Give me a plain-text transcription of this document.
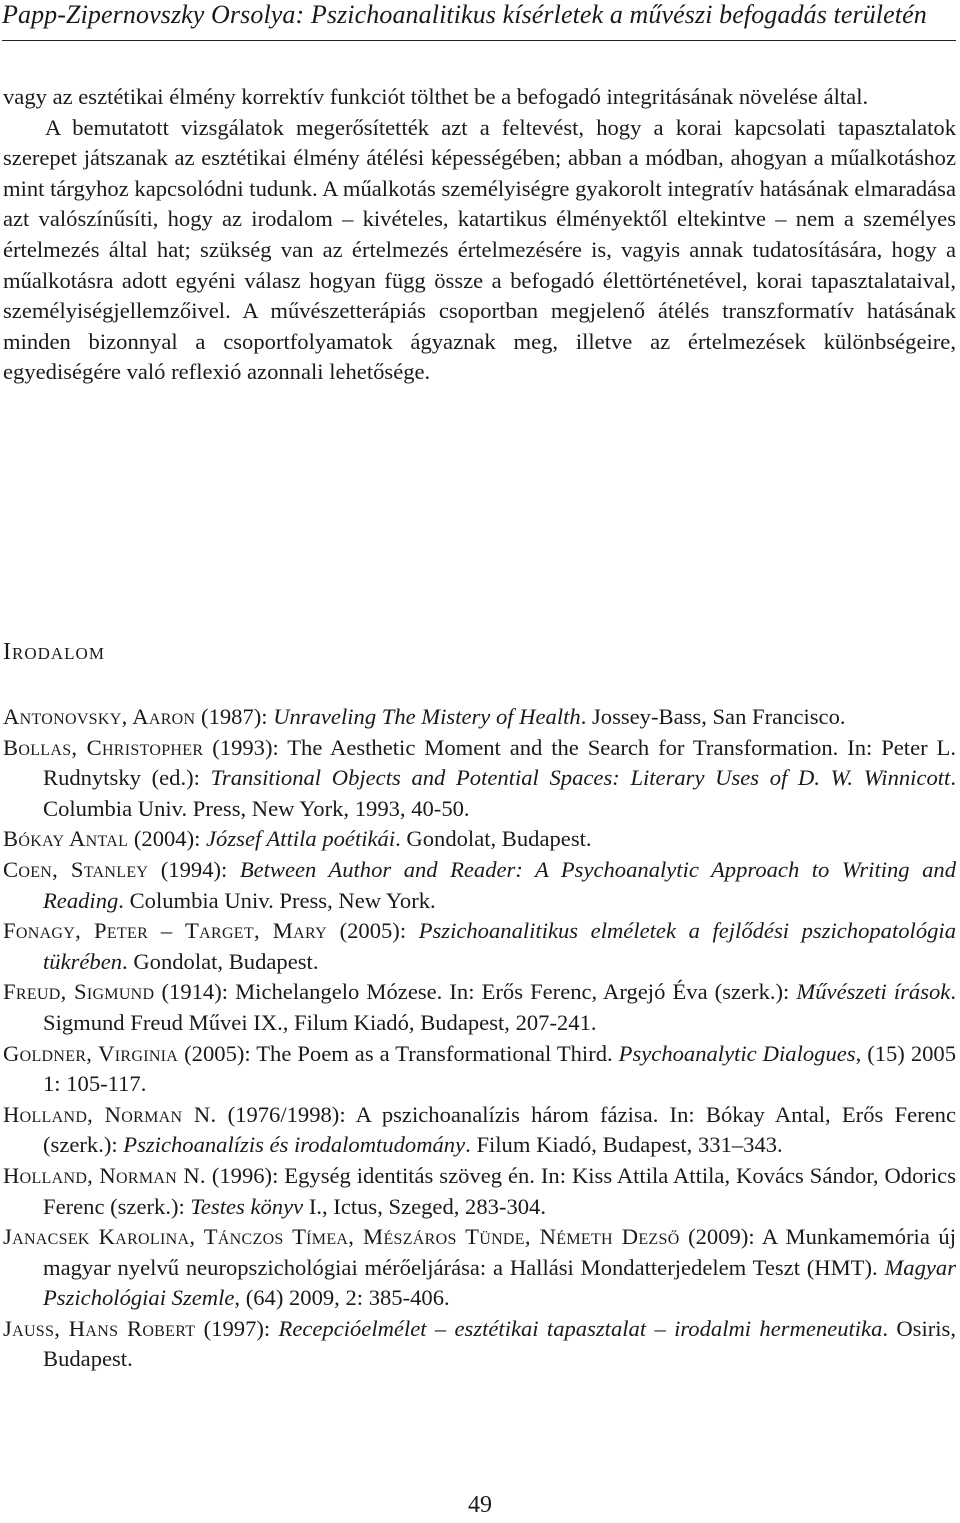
Papp-Zipernovszky Orsolya: Pszichoanalitikus kísérletek a művészi befogadás területén

vagy az esztétikai élmény korrektív funkciót tölthet be a befogadó integritásának növelése által.

A bemutatott vizsgálatok megerősítették azt a feltevést, hogy a korai kapcsolati tapasztalatok szerepet játszanak az esztétikai élmény átélési képességében; abban a módban, ahogyan a műalkotáshoz mint tárgyhoz kapcsolódni tudunk. A műalkotás személyiségre gyakorolt integratív hatásának elmaradása azt valószínűsíti, hogy az irodalom – kivételes, katartikus élményektől eltekintve – nem a személyes értelmezés által hat; szükség van az értelmezés értelmezésére is, vagyis annak tudatosítására, hogy a műalkotásra adott egyéni válasz hogyan függ össze a befogadó élettörténetével, korai tapasztalataival, személyiségjellemzőivel. A művészetterápiás csoportban megjelenő átélés transzformatív hatásának minden bizonnyal a csoportfolyamatok ágyaznak meg, illetve az értelmezések különbségeire, egyediségére való reflexió azonnali lehetősége.

Irodalom

Antonovsky, Aaron (1987): Unraveling The Mistery of Health. Jossey-Bass, San Francisco.

Bollas, Christopher (1993): The Aesthetic Moment and the Search for Transformation. In: Peter L. Rudnytsky (ed.): Transitional Objects and Potential Spaces: Literary Uses of D. W. Winnicott. Columbia Univ. Press, New York, 1993, 40-50.

Bókay Antal (2004): József Attila poétikái. Gondolat, Budapest.

Coen, Stanley (1994): Between Author and Reader: A Psychoanalytic Approach to Writing and Reading. Columbia Univ. Press, New York.

Fonagy, Peter – Target, Mary (2005): Pszichoanalitikus elméletek a fejlődési pszichopatológia tükrében. Gondolat, Budapest.

Freud, Sigmund (1914): Michelangelo Mózese. In: Erős Ferenc, Argejó Éva (szerk.): Művészeti írások. Sigmund Freud Művei IX., Filum Kiadó, Budapest, 207-241.

Goldner, Virginia (2005): The Poem as a Transformational Third. Psychoanalytic Dialogues, (15) 2005 1: 105-117.

Holland, Norman N. (1976/1998): A pszichoanalízis három fázisa. In: Bókay Antal, Erős Ferenc (szerk.): Pszichoanalízis és irodalomtudomány. Filum Kiadó, Budapest, 331–343.

Holland, Norman N. (1996): Egység identitás szöveg én. In: Kiss Attila Attila, Kovács Sándor, Odorics Ferenc (szerk.): Testes könyv I., Ictus, Szeged, 283-304.

Janacsek Karolina, Tánczos Tímea, Mészáros Tünde, Németh Dezső (2009): A Munkamemória új magyar nyelvű neuropszichológiai mérőeljárása: a Hallási Mondatterjedelem Teszt (HMT). Magyar Pszichológiai Szemle, (64) 2009, 2: 385-406.

Jauss, Hans Robert (1997): Recepcióelmélet – esztétikai tapasztalat – irodalmi hermeneutika. Osiris, Budapest.

49
